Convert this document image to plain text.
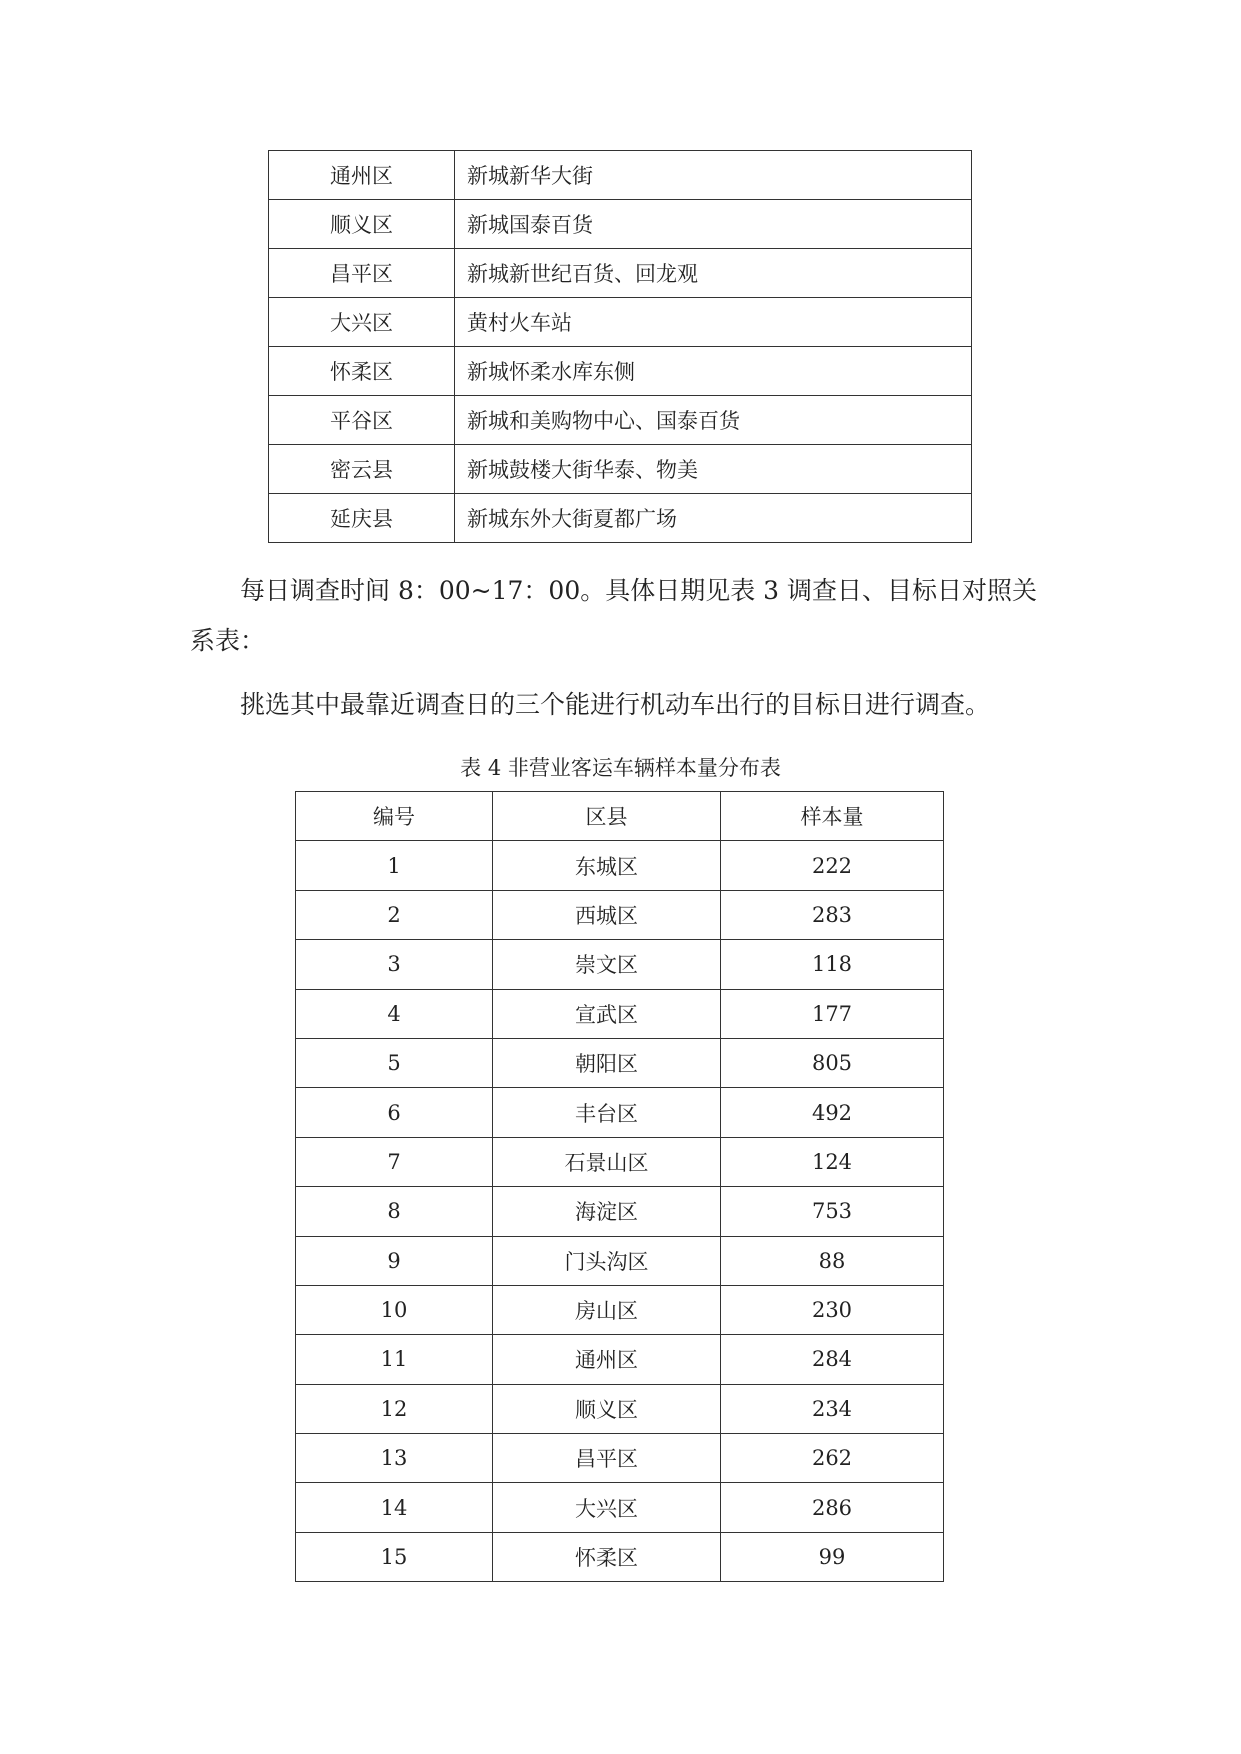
通州区	新城新华大街
顺义区	新城国泰百货
昌平区	新城新世纪百货、回龙观
大兴区	黄村火车站
怀柔区	新城怀柔水库东侧
平谷区	新城和美购物中心、国泰百货
密云县	新城鼓楼大街华泰、物美
延庆县	新城东外大街夏都广场

每日调查时间 8：00~17：00。具体日期见表 3 调查日、目标日对照关系表：

挑选其中最靠近调查日的三个能进行机动车出行的目标日进行调查。

表 4 非营业客运车辆样本量分布表
编号	区县	样本量
1	东城区	222
2	西城区	283
3	崇文区	118
4	宣武区	177
5	朝阳区	805
6	丰台区	492
7	石景山区	124
8	海淀区	753
9	门头沟区	88
10	房山区	230
11	通州区	284
12	顺义区	234
13	昌平区	262
14	大兴区	286
15	怀柔区	99
